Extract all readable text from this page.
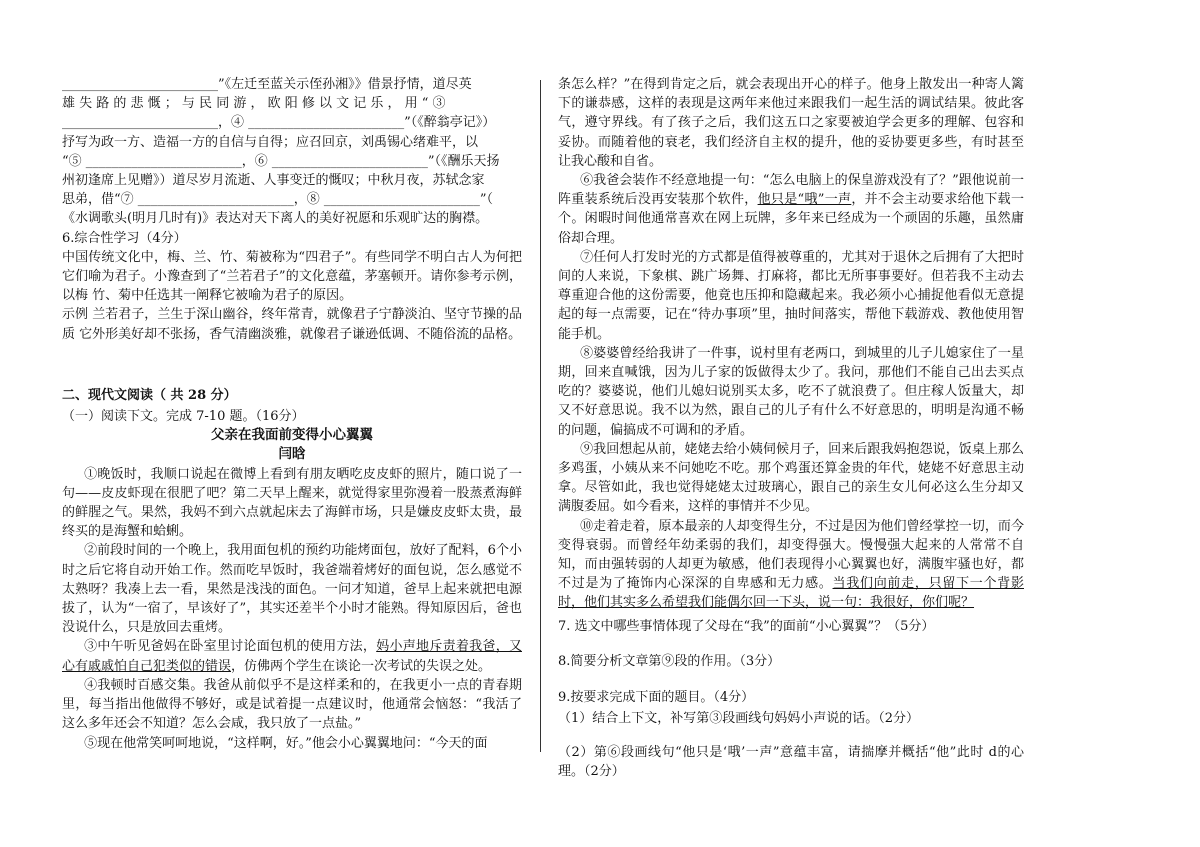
________________________”《左迁至蓝关示侄孙湘》》借景抒情，道尽英

雄 失 路 的 悲 慨 ； 与 民 同 游 ， 欧 阳 修 以 文 记 乐 ， 用 “ ③

________________________，④ ________________________”（《醉翁亭记》）

抒写为政一方、造福一方的自信与自得；应召回京，刘禹锡心绪难平，以

“⑤ ________________________，⑥ ________________________”（《酬乐天扬

州初逢席上见赠》）道尽岁月流逝、人事变迁的慨叹；中秋月夜，苏轼念家

思弟，借“⑦ ________________________，⑧ ________________________”（

《水调歌头(明月几时有)》表达对天下离人的美好祝愿和乐观旷达的胸襟。

6.综合性学习（4分）

中国传统文化中，梅、兰、竹、菊被称为“四君子”。有些同学不明白古人为何把它们喻为君子。小豫查到了“兰若君子”的文化意蕴，茅塞顿开。请你参考示例，以梅 竹、菊中任选其一阐释它被喻为君子的原因。

示例 兰若君子，兰生于深山幽谷，终年常青，就像君子宁静淡泊、坚守节操的品质 它外形美好却不张扬，香气清幽淡雅，就像君子谦逊低调、不随俗流的品格。

二、现代文阅读（ 共 28 分）

（一）阅读下文。完成 7-10 题。（16分）

父亲在我面前变得小心翼翼

闫晗

①晚饭时，我顺口说起在微博上看到有朋友晒吃皮皮虾的照片，随口说了一句——皮皮虾现在很肥了吧？第二天早上醒来，就觉得家里弥漫着一股蒸煮海鲜的鲜腥之气。果然，我妈不到六点就起床去了海鲜市场，只是嫌皮皮虾太贵，最终买的是海蟹和蛤蜊。

②前段时间的一个晚上，我用面包机的预约功能烤面包，放好了配料，6个小时之后它将自动开始工作。然而吃早饭时，我爸端着烤好的面包说，怎么感觉不太熟呀？我凑上去一看，果然是浅浅的面色。一问才知道，爸早上起来就把电源拔了，认为“一宿了，早该好了”，其实还差半个小时才能熟。得知原因后，爸也没说什么，只是放回去重烤。

③中午听见爸妈在卧室里讨论面包机的使用方法，妈小声地斥责着我爸，又心有戚戚怕自己犯类似的错误，仿佛两个学生在谈论一次考试的失误之处。

④我顿时百感交集。我爸从前似乎不是这样柔和的，在我更小一点的青春期里，每当指出他做得不够好，或是试着提一点建议时，他通常会恼怒：“我活了这么多年还会不知道？怎么会咸，我只放了一点盐。”

⑤现在他常笑呵呵地说，“这样啊，好。”他会小心翼翼地问：“今天的面

条怎么样？”在得到肯定之后，就会表现出开心的样子。他身上散发出一种寄人篱下的谦恭感，这样的表现是这两年来他过来跟我们一起生活的调试结果。彼此客气，遵守界线。有了孩子之后，我们这五口之家要被迫学会更多的理解、包容和妥协。而随着他的衰老，我们经济自主权的提升，他的妥协要更多些，有时甚至让我心酸和自省。

⑥我爸会装作不经意地提一句：“怎么电脑上的保皇游戏没有了？”跟他说前一阵重装系统后没再安装那个软件，他只是“哦”一声，并不会主动要求给他下载一个。闲暇时间他通常喜欢在网上玩牌，多年来已经成为一个顽固的乐趣，虽然庸俗却合理。

⑦任何人打发时光的方式都是值得被尊重的，尤其对于退休之后拥有了大把时间的人来说，下象棋、跳广场舞、打麻将，都比无所事事要好。但若我不主动去尊重迎合他的这份需要，他竟也压抑和隐藏起来。我必须小心捕捉他看似无意提起的每一点需要，记在“待办事项”里，抽时间落实，帮他下载游戏、教他使用智能手机。

⑧婆婆曾经给我讲了一件事，说村里有老两口，到城里的儿子儿媳家住了一星期，回来直喊饿，因为儿子家的饭做得太少了。我问，那他们不能自己出去买点吃的？婆婆说，他们儿媳妇说别买太多，吃不了就浪费了。但庄稼人饭量大，却又不好意思说。我不以为然，跟自己的儿子有什么不好意思的，明明是沟通不畅的问题，偏搞成不可调和的矛盾。

⑨我回想起从前，姥姥去给小姨伺候月子，回来后跟我妈抱怨说，饭桌上那么多鸡蛋，小姨从来不问她吃不吃。那个鸡蛋还算金贵的年代，姥姥不好意思主动拿。尽管如此，我也觉得姥姥太过玻璃心，跟自己的亲生女儿何必这么生分却又满腹委屈。如今看来，这样的事情并不少见。

⑩走着走着，原本最亲的人却变得生分，不过是因为他们曾经掌控一切，而今变得衰弱。而曾经年幼柔弱的我们，却变得强大。慢慢强大起来的人常常不自知，而由强转弱的人却更为敏感，他们表现得小心翼翼也好，满腹牢骚也好，都不过是为了掩饰内心深深的自卑感和无力感。当我们向前走，只留下一个背影时，他们其实多么希望我们能偶尔回一下头，说一句：我很好，你们呢？

7. 选文中哪些事情体现了父母在“我”的面前“小心翼翼”？（5分）

8.简要分析文章第⑨段的作用。（3分）

9.按要求完成下面的题目。（4分）

（1）结合上下文，补写第③段画线句妈妈小声说的话。（2分）

（2）第⑥段画线句“他只是‘哦’一声”意蕴丰富，请揣摩并概括“他”此时 d的心理。（2分）
